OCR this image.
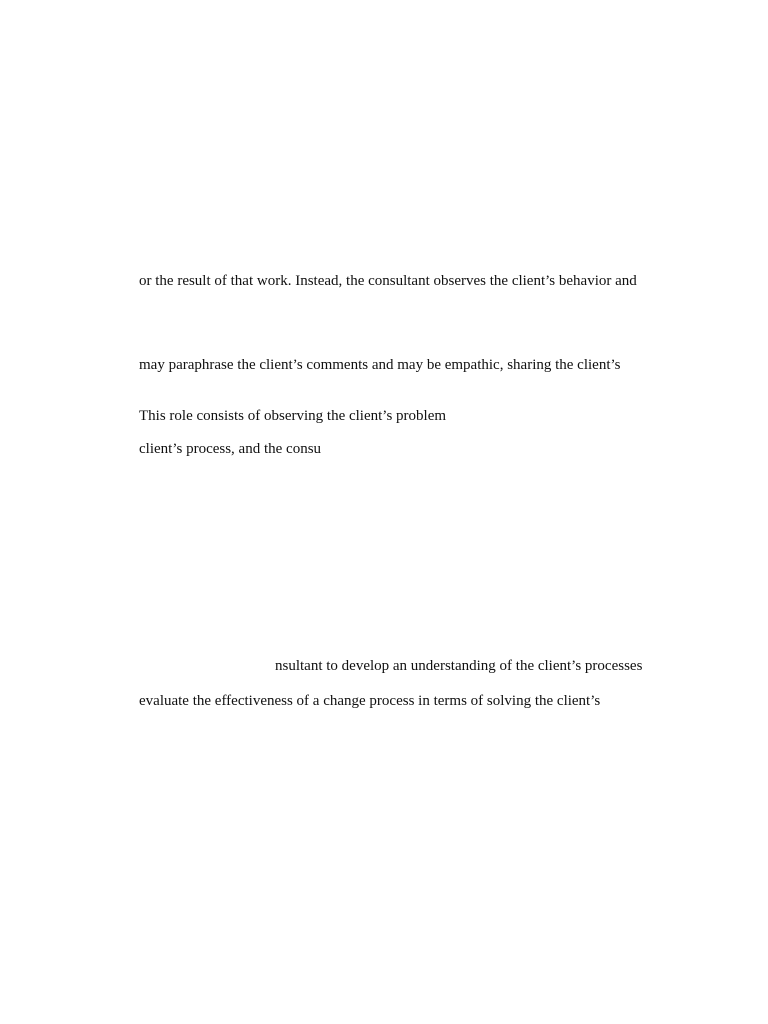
or the result of that work. Instead, the consultant observes the client’s behavior and
may paraphrase the client’s comments and may be empathic, sharing the client’s
This role consists of observing the client’s problem
client’s process, and the consu
nsultant to develop an understanding of the client’s processes
evaluate the effectiveness of a change process in terms of solving the client’s
